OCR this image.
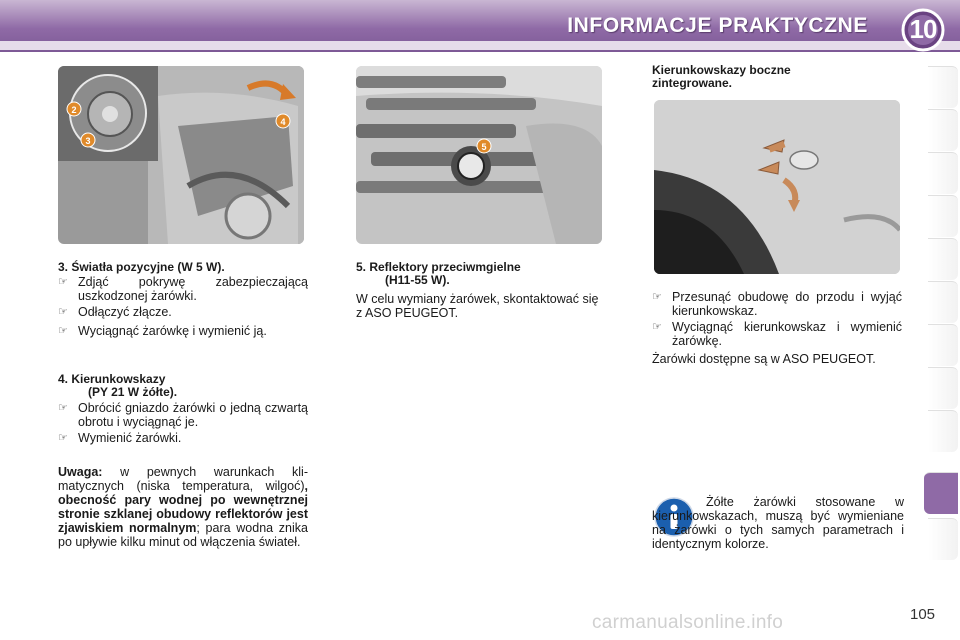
INFORMACJE PRAKTYCZNE	10
2
3
4
5
3. Światła pozycyjne (W 5 W).
☞ Zdjąć pokrywę zabezpieczającą uszkodzonej żarówki.
☞ Odłączyć złącze.
☞ Wyciągnąć żarówkę i wymienić ją.
4. Kierunkowskazy
(PY 21 W żółte).
☞ Obrócić gniazdo żarówki o jedną czwartą obrotu i wyciągnąć je.
☞ Wymienić żarówki.
Uwaga: w pewnych warunkach klimatycznych (niska temperatura, wilgoć), obecność pary wodnej po wewnętrznej stronie szklanej obudowy reflektorów jest zjawiskiem normalnym; para wodna znika po upływie kilku minut od włączenia świateł.
5. Reflektory przeciwmgielne
(H11-55 W).
W celu wymiany żarówek, skontaktować się z ASO PEUGEOT.
Kierunkowskazy boczne zintegrowane.
☞ Przesunąć obudowę do przodu i wyjąć kierunkowskaz.
☞ Wyciągnąć kierunkowskaz i wymienić żarówkę.
Żarówki dostępne są w ASO PEUGEOT.
Żółte żarówki stosowane w kierunkowskazach, muszą być wymieniane na żarówki o tych samych parametrach i identycznym kolorze.
carmanualsonline.info	105
